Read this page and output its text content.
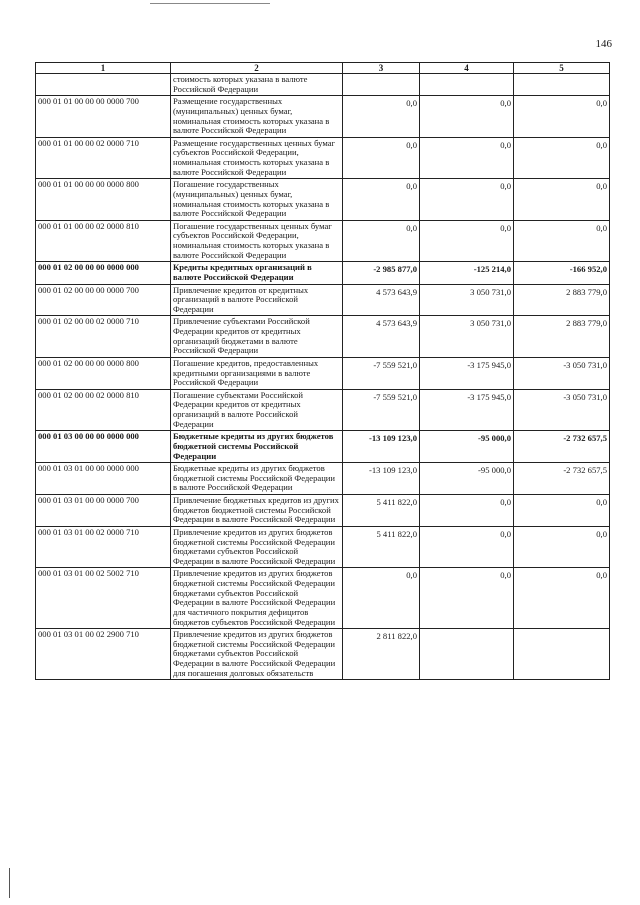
146
1	2	3	4	5
	стоимость которых указана в валюте Российской Федерации			
000 01 01 00 00 00 0000 700	Размещение государственных (муниципальных) ценных бумаг, номинальная стоимость которых указана в валюте Российской Федерации	0,0	0,0	0,0
000 01 01 00 00 02 0000 710	Размещение государственных ценных бумаг субъектов Российской Федерации, номинальная стоимость которых указана в валюте Российской Федерации	0,0	0,0	0,0
000 01 01 00 00 00 0000 800	Погашение государственных (муниципальных) ценных бумаг, номинальная стоимость которых указана в валюте Российской Федерации	0,0	0,0	0,0
000 01 01 00 00 02 0000 810	Погашение государственных ценных бумаг субъектов Российской Федерации, номинальная стоимость которых указана в валюте Российской Федерации	0,0	0,0	0,0
000 01 02 00 00 00 0000 000	Кредиты кредитных организаций в валюте Российской Федерации	-2 985 877,0	-125 214,0	-166 952,0
000 01 02 00 00 00 0000 700	Привлечение кредитов от кредитных организаций в валюте Российской Федерации	4 573 643,9	3 050 731,0	2 883 779,0
000 01 02 00 00 02 0000 710	Привлечение субъектами Российской Федерации кредитов от кредитных организаций бюджетами в валюте Российской Федерации	4 573 643,9	3 050 731,0	2 883 779,0
000 01 02 00 00 00 0000 800	Погашение кредитов, предоставленных кредитными организациями в валюте Российской Федерации	-7 559 521,0	-3 175 945,0	-3 050 731,0
000 01 02 00 00 02 0000 810	Погашение субъектами Российской Федерации кредитов от кредитных организаций в валюте Российской Федерации	-7 559 521,0	-3 175 945,0	-3 050 731,0
000 01 03 00 00 00 0000 000	Бюджетные кредиты из других бюджетов бюджетной системы Российской Федерации	-13 109 123,0	-95 000,0	-2 732 657,5
000 01 03 01 00 00 0000 000	Бюджетные кредиты из других бюджетов бюджетной системы Российской Федерации в валюте Российской Федерации	-13 109 123,0	-95 000,0	-2 732 657,5
000 01 03 01 00 00 0000 700	Привлечение бюджетных кредитов из других бюджетов бюджетной системы Российской Федерации в валюте Российской Федерации	5 411 822,0	0,0	0,0
000 01 03 01 00 02 0000 710	Привлечение кредитов из других бюджетов бюджетной системы Российской Федерации бюджетами субъектов Российской Федерации в валюте Российской Федерации	5 411 822,0	0,0	0,0
000 01 03 01 00 02 5002 710	Привлечение кредитов из других бюджетов бюджетной системы Российской Федерации бюджетами субъектов Российской Федерации в валюте Российской Федерации для частичного покрытия дефицитов бюджетов субъектов Российской Федерации	0,0	0,0	0,0
000 01 03 01 00 02 2900 710	Привлечение кредитов из других бюджетов бюджетной системы Российской Федерации бюджетами субъектов Российской Федерации в валюте Российской Федерации для погашения долговых обязательств	2 811 822,0		
